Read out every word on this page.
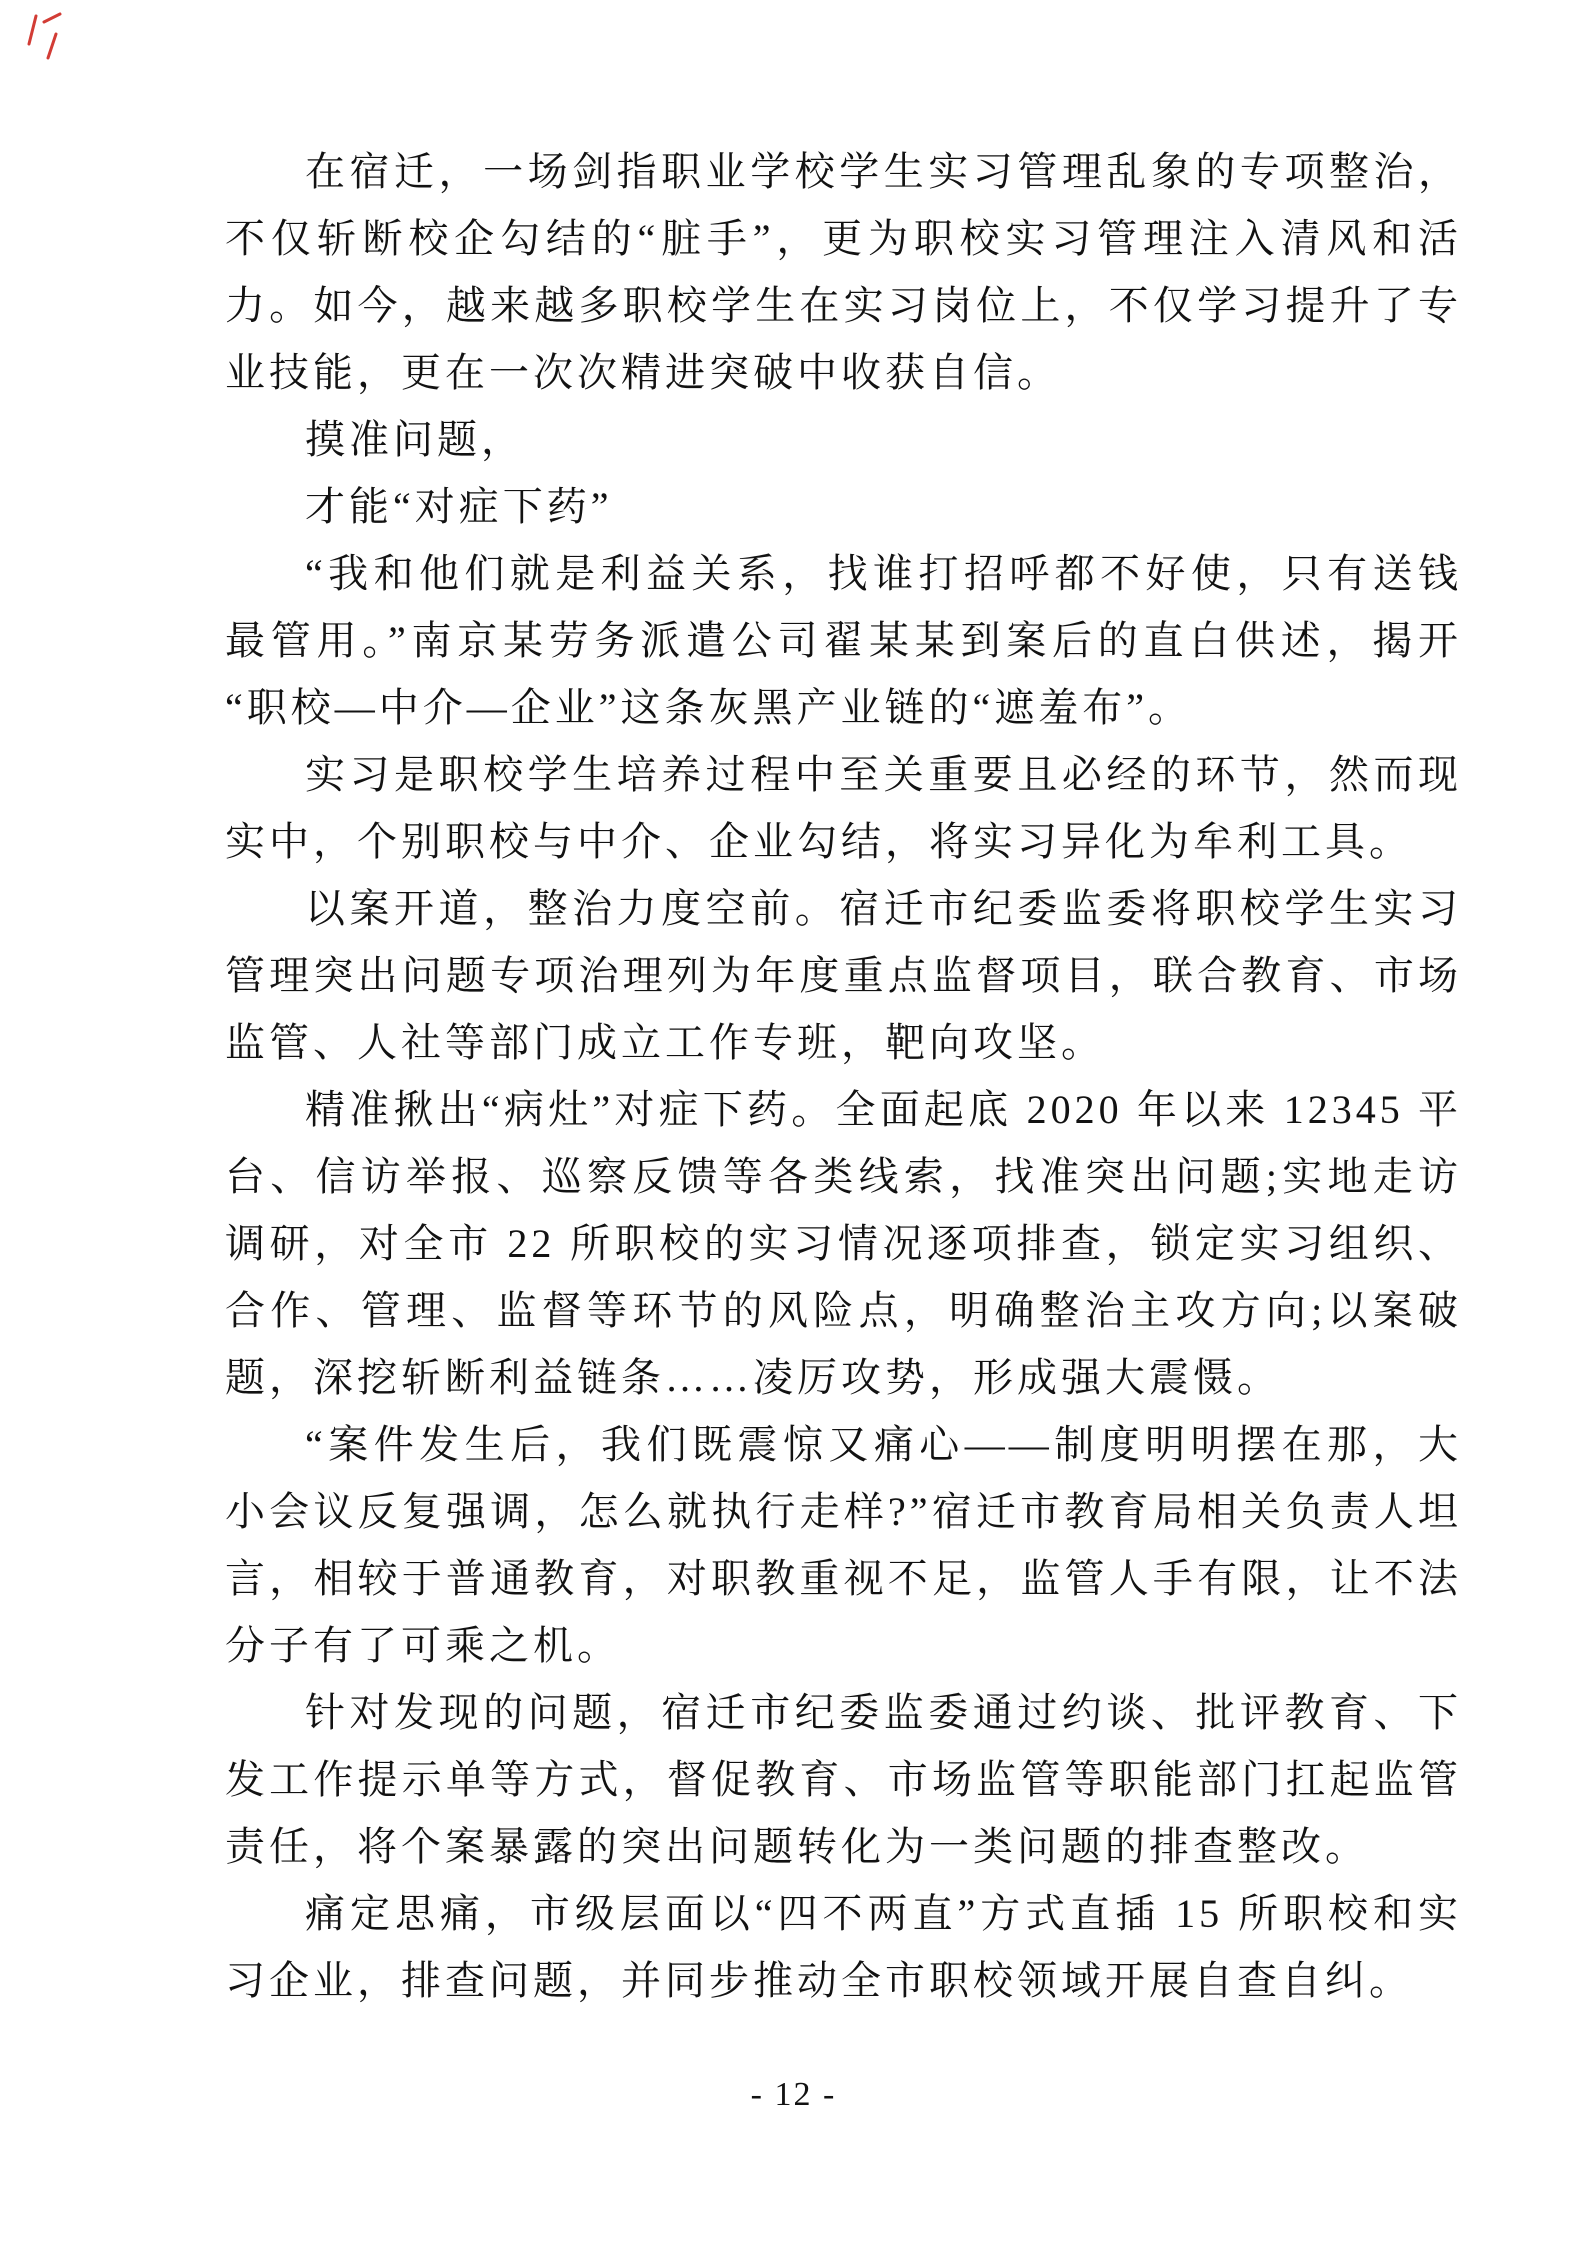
在宿迁，一场剑指职业学校学生实习管理乱象的专项整治，不仅斩断校企勾结的“脏手”，更为职校实习管理注入清风和活力。如今，越来越多职校学生在实习岗位上，不仅学习提升了专业技能，更在一次次精进突破中收获自信。

摸准问题，

才能“对症下药”

“我和他们就是利益关系，找谁打招呼都不好使，只有送钱最管用。”南京某劳务派遣公司翟某某到案后的直白供述，揭开“职校—中介—企业”这条灰黑产业链的“遮羞布”。

实习是职校学生培养过程中至关重要且必经的环节，然而现实中，个别职校与中介、企业勾结，将实习异化为牟利工具。

以案开道，整治力度空前。宿迁市纪委监委将职校学生实习管理突出问题专项治理列为年度重点监督项目，联合教育、市场监管、人社等部门成立工作专班，靶向攻坚。

精准揪出“病灶”对症下药。全面起底 2020 年以来 12345 平台、信访举报、巡察反馈等各类线索，找准突出问题;实地走访调研，对全市 22 所职校的实习情况逐项排查，锁定实习组织、合作、管理、监督等环节的风险点，明确整治主攻方向;以案破题，深挖斩断利益链条……凌厉攻势，形成强大震慑。

“案件发生后，我们既震惊又痛心——制度明明摆在那，大小会议反复强调，怎么就执行走样?”宿迁市教育局相关负责人坦言，相较于普通教育，对职教重视不足，监管人手有限，让不法分子有了可乘之机。

针对发现的问题，宿迁市纪委监委通过约谈、批评教育、下发工作提示单等方式，督促教育、市场监管等职能部门扛起监管责任，将个案暴露的突出问题转化为一类问题的排查整改。

痛定思痛，市级层面以“四不两直”方式直插 15 所职校和实习企业，排查问题，并同步推动全市职校领域开展自查自纠。

- 12 -
